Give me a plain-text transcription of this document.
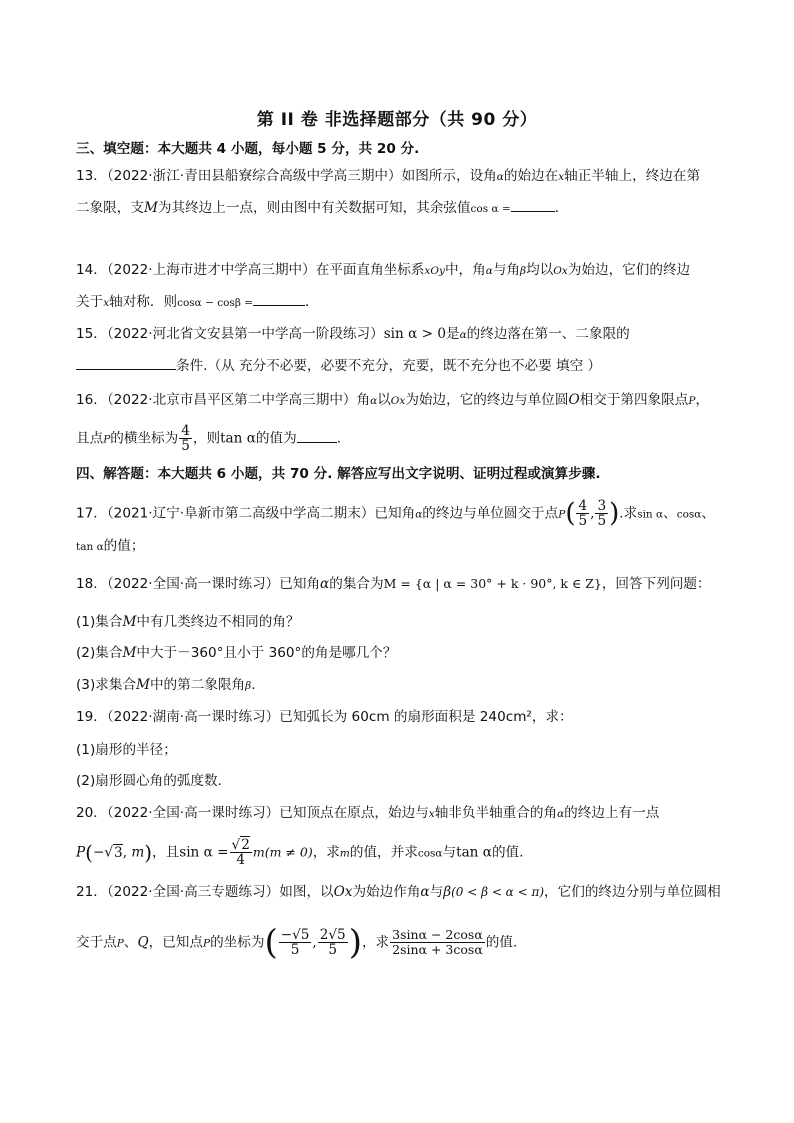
第 II 卷 非选择题部分（共 90 分）
三、填空题：本大题共 4 小题，每小题 5 分，共 20 分.
13．（2022·浙江·青田县船寮综合高级中学高三期中）如图所示，设角α的始边在x轴正半轴上，终边在第
二象限，支M为其终边上一点，则由图中有关数据可知，其余弦值cos α =	.
14．（2022·上海市进才中学高三期中）在平面直角坐标系xOy中，角α与角β均以Ox为始边，它们的终边
关于x轴对称．则cosα − cosβ =	．
15．（2022·河北省文安县第一中学高一阶段练习）sin α > 0是α的终边落在第一、二象限的
条件.（从 充分不必要，必要不充分，充要，既不充分也不必要 填空 ）
16．（2022·北京市昌平区第二中学高三期中）角α以Ox为始边，它的终边与单位圆O相交于第四象限点P，
且点P的横坐标为 $\frac{4}{5}$ ，则tan α的值为	.
四、解答题：本大题共 6 小题，共 70 分. 解答应写出文字说明、证明过程或演算步骤.
17．（2021·辽宁·阜新市第二高级中学高二期末）已知角α的终边与单位圆交于点$P( \frac{4}{5}$ , $\frac{3}{5}$ ).求sin α、cosα、
tan α的值；
18．（2022·全国·高一课时练习）已知角α的集合为M = {α | α = 30° + k · 90°, k ∈ Z}，回答下列问题：
(1)集合M中有几类终边不相同的角？
(2)集合M中大于－360°且小于 360°的角是哪几个？
(3)求集合M中的第二象限角β.
19．（2022·湖南·高一课时练习）已知弧长为 60cm 的扇形面积是 240cm²，求：
(1)扇形的半径；
(2)扇形圆心角的弧度数.
20．（2022·全国·高一课时练习）已知顶点在原点，始边与x轴非负半轴重合的角α的终边上有一点
P(−√3, m)，且$\sin \alpha = \frac{√2}{4} m(m \ne 0)$，求m的值，并求cosα与tan α的值.
21．（2022·全国·高三专题练习）如图，以Ox为始边作角α与β(0 < β < α < π)，它们的终边分别与单位圆相
交于点P、Q，已知点P的坐标为( $\frac{-√5}{5}$ , $\frac{2√5}{5}$ )，求 $\frac{3\sin\alpha - 2\cos\alpha}{2\sin\alpha + 3\cos\alpha}$ 的值.
